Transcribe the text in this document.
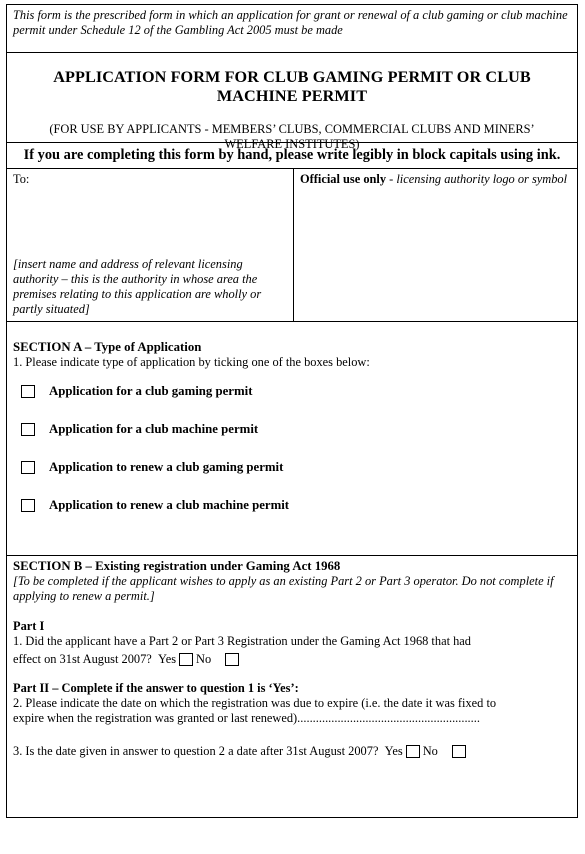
This form is the prescribed form in which an application for grant or renewal of a club gaming or club machine permit under Schedule 12 of the Gambling Act 2005 must be made
APPLICATION FORM FOR CLUB GAMING PERMIT OR CLUB MACHINE PERMIT
(FOR USE BY APPLICANTS - MEMBERS’ CLUBS, COMMERCIAL CLUBS AND MINERS’ WELFARE INSTITUTES)
If you are completing this form by hand, please write legibly in block capitals using ink.
To:
[insert name and address of relevant licensing authority – this is the authority in whose area the premises relating to this application are wholly or partly situated]
Official use only - licensing authority logo or symbol
SECTION A – Type of Application
1. Please indicate type of application by ticking one of the boxes below:
Application for a club gaming permit
Application for a club machine permit
Application to renew a club gaming permit
Application to renew a club machine permit
SECTION B – Existing registration under Gaming Act 1968
[To be completed if the applicant wishes to apply as an existing Part 2 or Part 3 operator. Do not complete if applying to renew a permit.]
Part I
1. Did the applicant have a Part 2 or Part 3 Registration under the Gaming Act 1968 that had
effect on 31st August 2007? Yes No
Part II – Complete if the answer to question 1 is ‘Yes’:
2. Please indicate the date on which the registration was due to expire (i.e. the date it was fixed to
expire when the registration was granted or last renewed)...........................................................
3. Is the date given in answer to question 2 a date after 31st August 2007? Yes No
